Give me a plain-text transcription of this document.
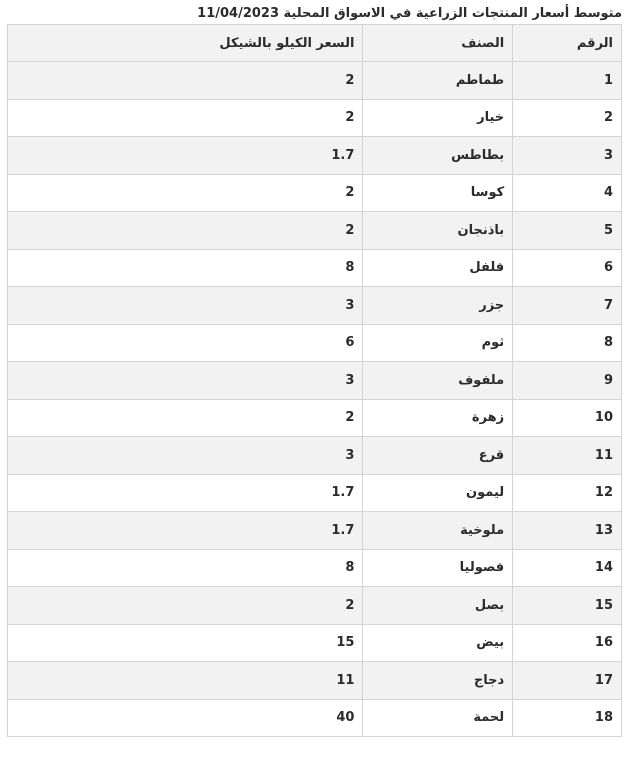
متوسط أسعار المنتجات الزراعية في الاسواق المحلية 11/04/2023
الرقم	الصنف	السعر الكيلو بالشيكل
1	طماطم	2
2	خيار	2
3	بطاطس	1.7
4	كوسا	2
5	باذنجان	2
6	فلفل	8
7	جزر	3
8	ثوم	6
9	ملفوف	3
10	زهرة	2
11	قرع	3
12	ليمون	1.7
13	ملوخية	1.7
14	فصوليا	8
15	بصل	2
16	بيض	15
17	دجاج	11
18	لحمة	40
